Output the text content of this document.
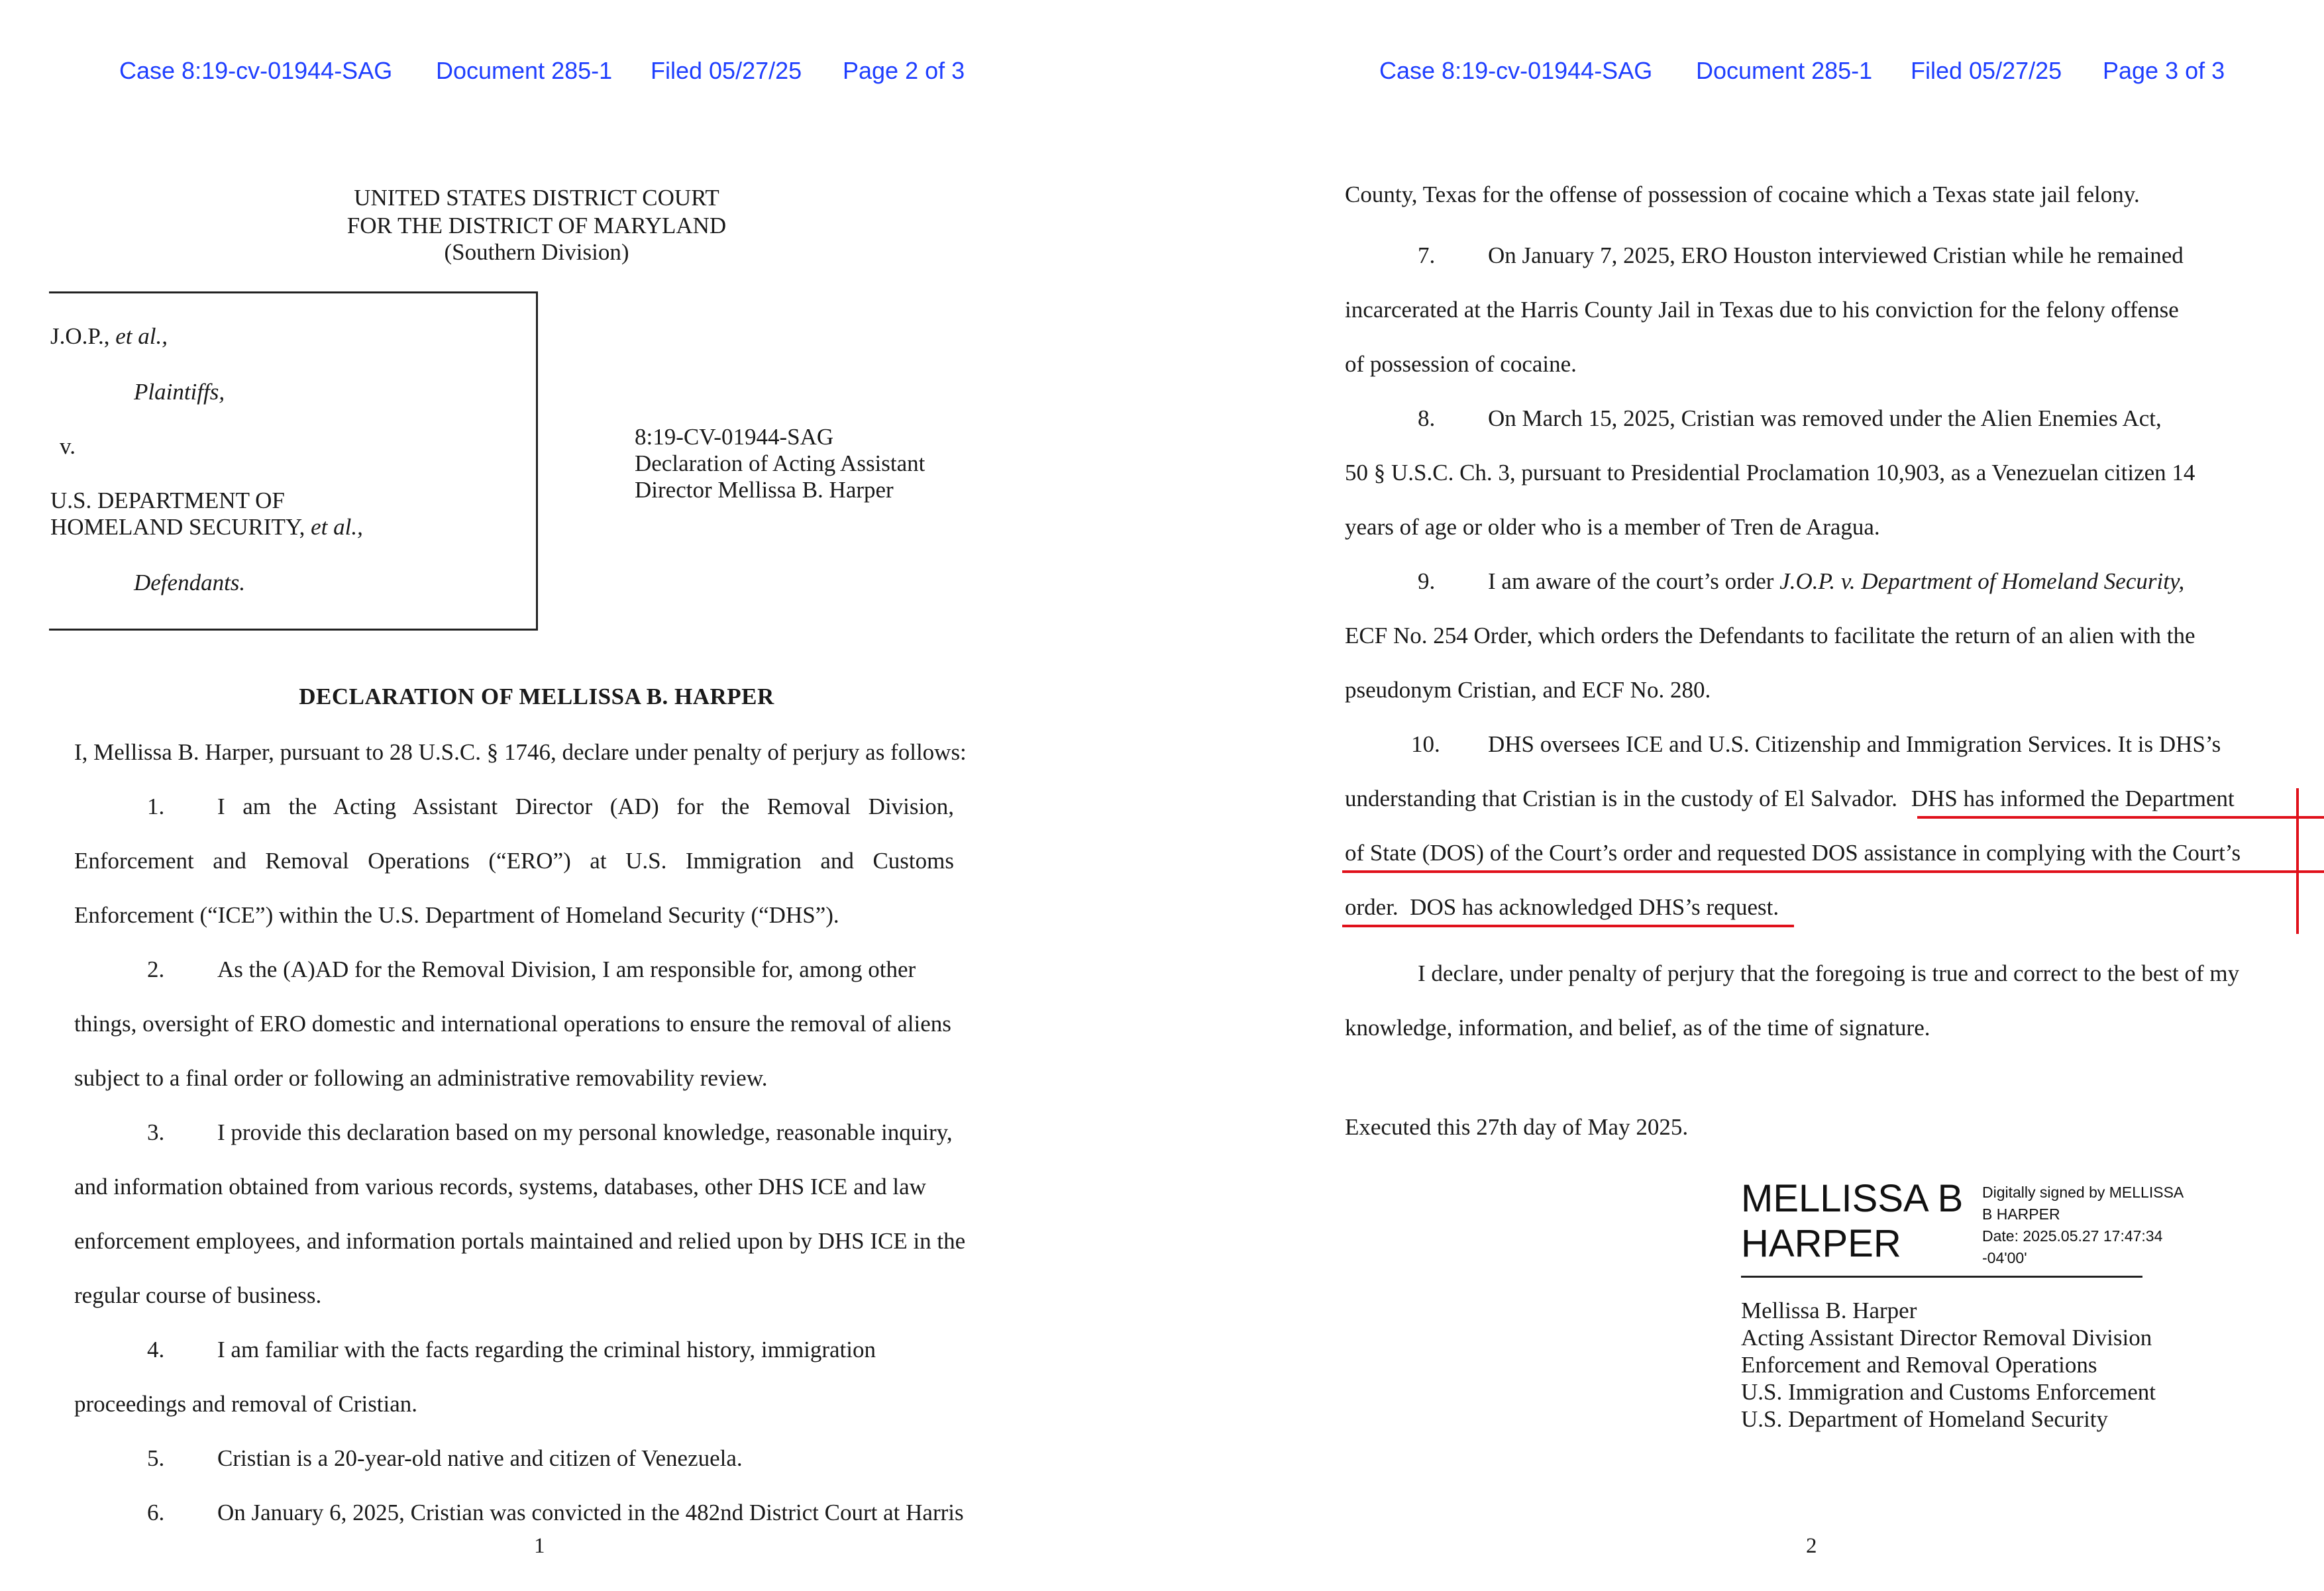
Case 8:19-cv-01944-SAG Document 285-1 Filed 05/27/25 Page 2 of 3
UNITED STATES DISTRICT COURT
FOR THE DISTRICT OF MARYLAND
(Southern Division)
J.O.P., et al.,
Plaintiffs,
v.
U.S. DEPARTMENT OF
HOMELAND SECURITY, et al.,
Defendants.
8:19-CV-01944-SAG
Declaration of Acting Assistant
Director Mellissa B. Harper
DECLARATION OF MELLISSA B. HARPER
I, Mellissa B. Harper, pursuant to 28 U.S.C. § 1746, declare under penalty of perjury as follows:
1. I am the Acting Assistant Director (AD) for the Removal Division,
Enforcement and Removal Operations (“ERO”) at U.S. Immigration and Customs
Enforcement (“ICE”) within the U.S. Department of Homeland Security (“DHS”).
2. As the (A)AD for the Removal Division, I am responsible for, among other
things, oversight of ERO domestic and international operations to ensure the removal of aliens
subject to a final order or following an administrative removability review.
3. I provide this declaration based on my personal knowledge, reasonable inquiry,
and information obtained from various records, systems, databases, other DHS ICE and law
enforcement employees, and information portals maintained and relied upon by DHS ICE in the
regular course of business.
4. I am familiar with the facts regarding the criminal history, immigration
proceedings and removal of Cristian.
5. Cristian is a 20-year-old native and citizen of Venezuela.
6. On January 6, 2025, Cristian was convicted in the 482nd District Court at Harris
1
Case 8:19-cv-01944-SAG Document 285-1 Filed 05/27/25 Page 3 of 3
County, Texas for the offense of possession of cocaine which a Texas state jail felony.
7. On January 7, 2025, ERO Houston interviewed Cristian while he remained
incarcerated at the Harris County Jail in Texas due to his conviction for the felony offense
of possession of cocaine.
8. On March 15, 2025, Cristian was removed under the Alien Enemies Act,
50 § U.S.C. Ch. 3, pursuant to Presidential Proclamation 10,903, as a Venezuelan citizen 14
years of age or older who is a member of Tren de Aragua.
9. I am aware of the court’s order J.O.P. v. Department of Homeland Security,
ECF No. 254 Order, which orders the Defendants to facilitate the return of an alien with the
pseudonym Cristian, and ECF No. 280.
10. DHS oversees ICE and U.S. Citizenship and Immigration Services. It is DHS’s
understanding that Cristian is in the custody of El Salvador. DHS has informed the Department
of State (DOS) of the Court’s order and requested DOS assistance in complying with the Court’s
order.  DOS has acknowledged DHS’s request.
I declare, under penalty of perjury that the foregoing is true and correct to the best of my
knowledge, information, and belief, as of the time of signature.
Executed this 27th day of May 2025.
MELLISSA B
HARPER
Digitally signed by MELLISSA
B HARPER
Date: 2025.05.27 17:47:34
-04'00'
Mellissa B. Harper
Acting Assistant Director Removal Division
Enforcement and Removal Operations
U.S. Immigration and Customs Enforcement
U.S. Department of Homeland Security
2
